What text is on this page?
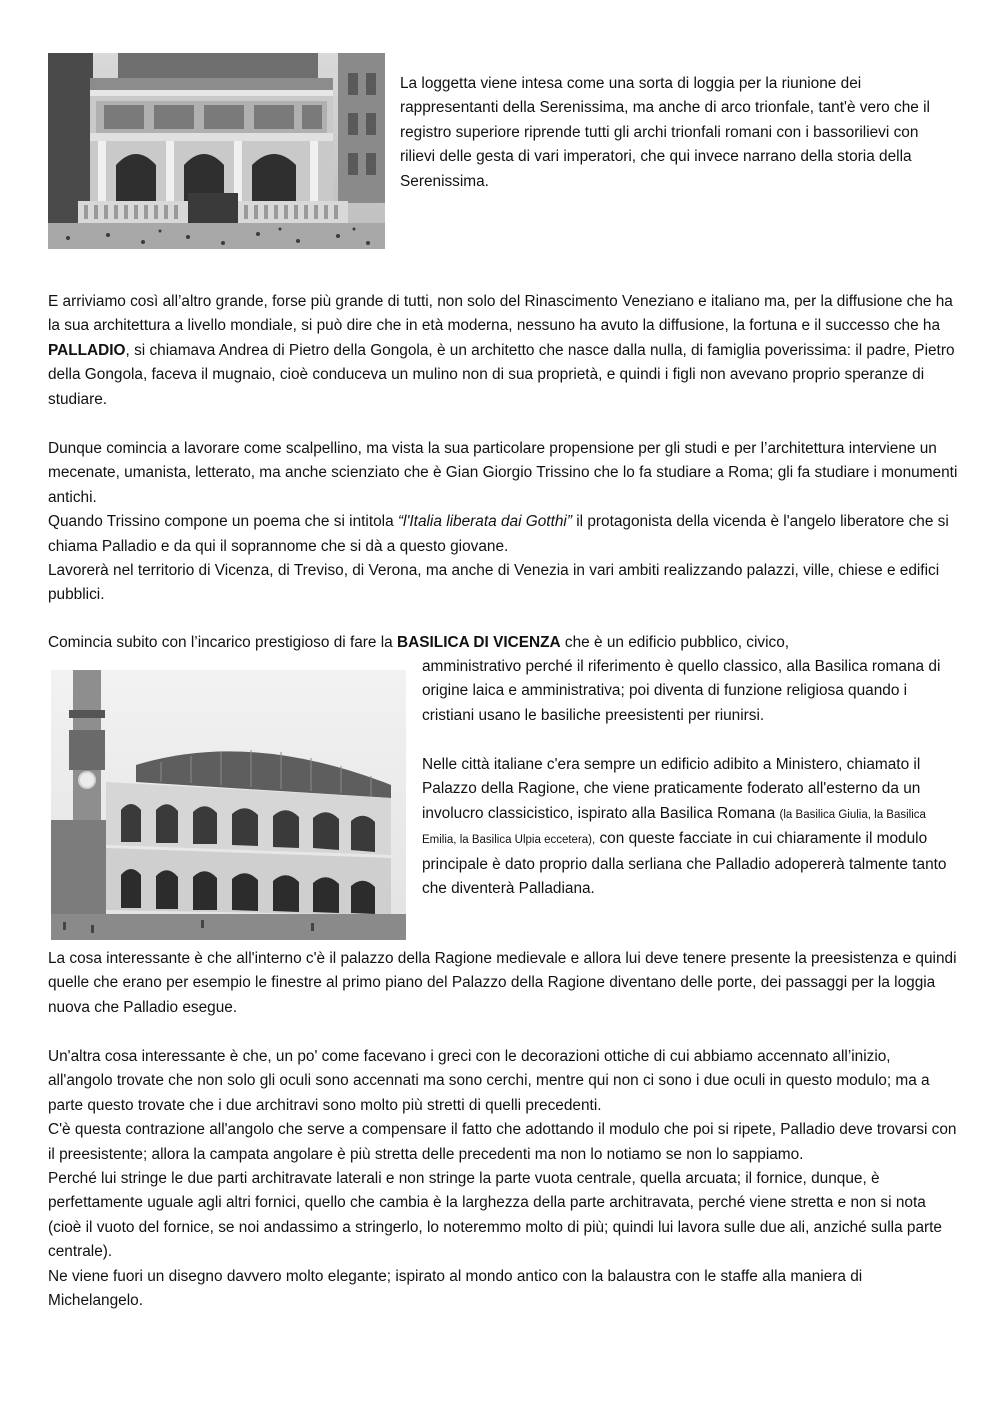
La loggetta viene intesa come una sorta di loggia per la riunione dei rappresentanti della Serenissima, ma anche di arco trionfale, tant'è vero che il registro superiore riprende tutti gli archi trionfali romani con i bassorilievi con rilievi delle gesta di vari imperatori, che qui invece narrano della storia della Serenissima.

E arriviamo così all’altro grande, forse più grande di tutti, non solo del Rinascimento Veneziano e italiano ma, per la diffusione che ha la sua architettura a livello mondiale, si può dire che in età moderna, nessuno ha avuto la diffusione, la fortuna e il successo che ha PALLADIO, si chiamava Andrea di Pietro della Gongola, è un architetto che nasce dalla nulla, di famiglia poverissima: il padre, Pietro della Gongola, faceva il mugnaio, cioè conduceva un mulino non di sua proprietà, e quindi i figli non avevano proprio speranze di studiare.

Dunque comincia a lavorare come scalpellino, ma vista la sua particolare propensione per gli studi e per l’architettura interviene un mecenate, umanista, letterato, ma anche scienziato che è Gian Giorgio Trissino che lo fa studiare a Roma; gli fa studiare i monumenti antichi.
Quando Trissino compone un poema che si intitola “l'Italia liberata dai Gotthi” il protagonista della vicenda è l'angelo liberatore che si chiama Palladio e da qui il soprannome che si dà a questo giovane.
Lavorerà nel territorio di Vicenza, di Treviso, di Verona, ma anche di Venezia in vari ambiti realizzando palazzi, ville, chiese e edifici pubblici.

Comincia subito con l’incarico prestigioso di fare la BASILICA DI VICENZA che è un edificio pubblico, civico,

amministrativo perché il riferimento è quello classico, alla Basilica romana di origine laica e amministrativa; poi diventa di funzione religiosa quando i cristiani usano le basiliche preesistenti per riunirsi.

Nelle città italiane c'era sempre un edificio adibito a Ministero, chiamato il Palazzo della Ragione, che viene praticamente foderato all'esterno da un involucro classicistico, ispirato alla Basilica Romana (la Basilica Giulia, la Basilica Emilia, la Basilica Ulpia eccetera), con queste facciate in cui chiaramente il modulo principale è dato proprio dalla serliana che Palladio adopererà talmente tanto che diventerà Palladiana.

La cosa interessante è che all'interno c'è il palazzo della Ragione medievale e allora lui deve tenere presente la preesistenza e quindi quelle che erano per esempio le finestre al primo piano del Palazzo della Ragione diventano delle porte, dei passaggi per la loggia nuova che Palladio esegue.

Un'altra cosa interessante è che, un po' come facevano i greci con le decorazioni ottiche di cui abbiamo accennato all’inizio, all'angolo trovate che non solo gli oculi sono accennati ma sono cerchi, mentre qui non ci sono i due oculi in questo modulo; ma a parte questo trovate che i due architravi sono molto più stretti di quelli precedenti.
C'è questa contrazione all'angolo che serve a compensare il fatto che adottando il modulo che poi si ripete, Palladio deve trovarsi con il preesistente; allora la campata angolare è più stretta delle precedenti ma non lo notiamo se non lo sappiamo.
Perché lui stringe le due parti architravate laterali e non stringe la parte vuota centrale, quella arcuata; il fornice, dunque, è perfettamente uguale agli altri fornici, quello che cambia è la larghezza della parte architravata, perché viene stretta e non si nota (cioè il vuoto del fornice, se noi andassimo a stringerlo, lo noteremmo molto di più; quindi lui lavora sulle due ali, anziché sulla parte centrale).
Ne viene fuori un disegno davvero molto elegante; ispirato al mondo antico con la balaustra con le staffe alla maniera di Michelangelo.
